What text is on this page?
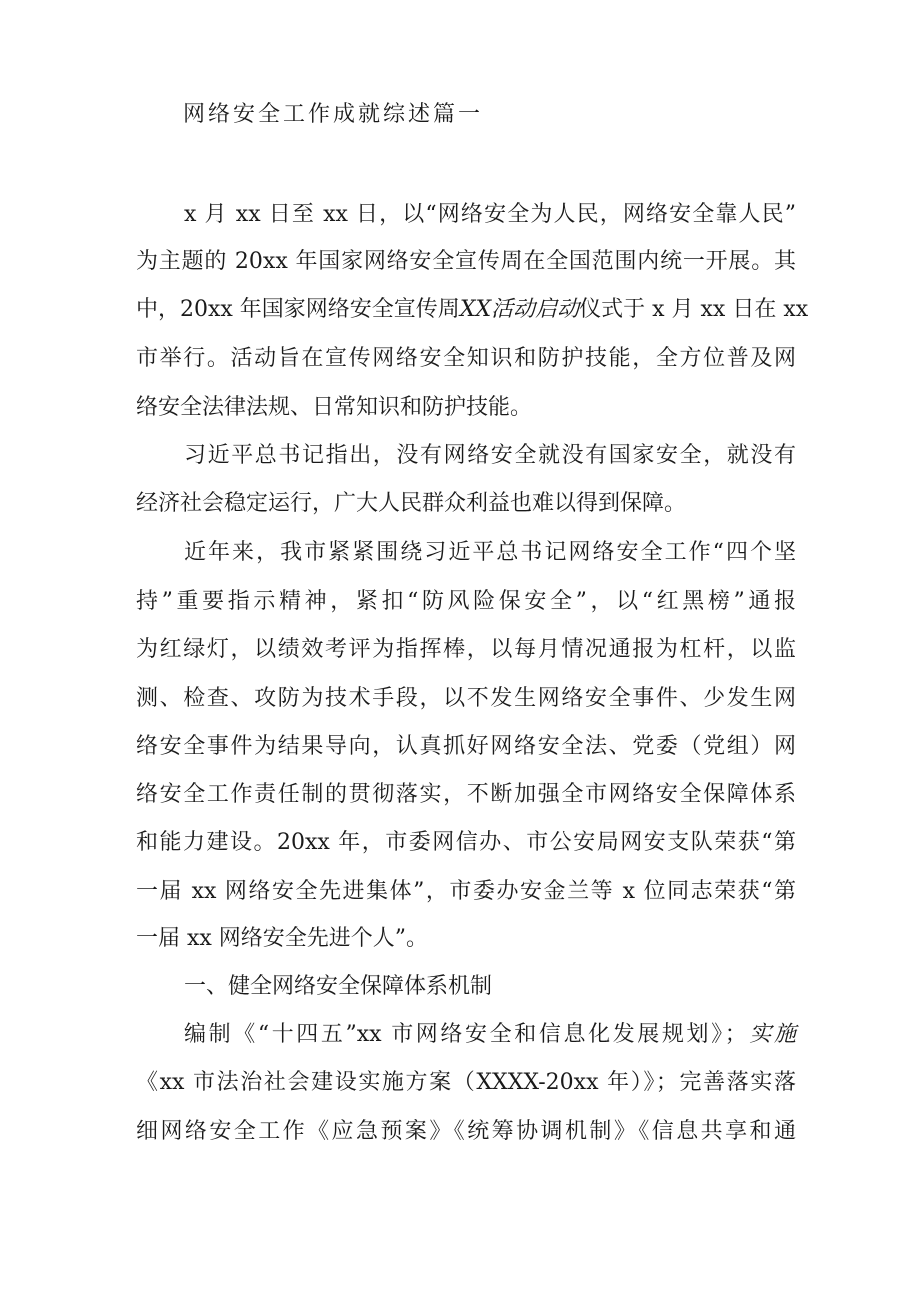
网络安全工作成就综述篇一
x 月 xx 日至 xx 日，以“网络安全为人民，网络安全靠人民”
为主题的 20xx 年国家网络安全宣传周在全国范围内统一开展。其
中，20xx 年国家网络安全宣传周XX活动启动仪式于 x 月 xx 日在 xx
市举行。活动旨在宣传网络安全知识和防护技能，全方位普及网
络安全法律法规、日常知识和防护技能。
习近平总书记指出，没有网络安全就没有国家安全，就没有
经济社会稳定运行，广大人民群众利益也难以得到保障。
近年来，我市紧紧围绕习近平总书记网络安全工作“四个坚
持”重要指示精神，紧扣“防风险保安全”，以“红黑榜”通报
为红绿灯，以绩效考评为指挥棒，以每月情况通报为杠杆，以监
测、检查、攻防为技术手段，以不发生网络安全事件、少发生网
络安全事件为结果导向，认真抓好网络安全法、党委（党组）网
络安全工作责任制的贯彻落实，不断加强全市网络安全保障体系
和能力建设。20xx 年，市委网信办、市公安局网安支队荣获“第
一届 xx 网络安全先进集体”，市委办安金兰等 x 位同志荣获“第
一届 xx 网络安全先进个人”。
一、健全网络安全保障体系机制
编制《“十四五”xx 市网络安全和信息化发展规划》；实施
《xx 市法治社会建设实施方案（XXXX-20xx 年）》；完善落实落
细网络安全工作《应急预案》《统筹协调机制》《信息共享和通
